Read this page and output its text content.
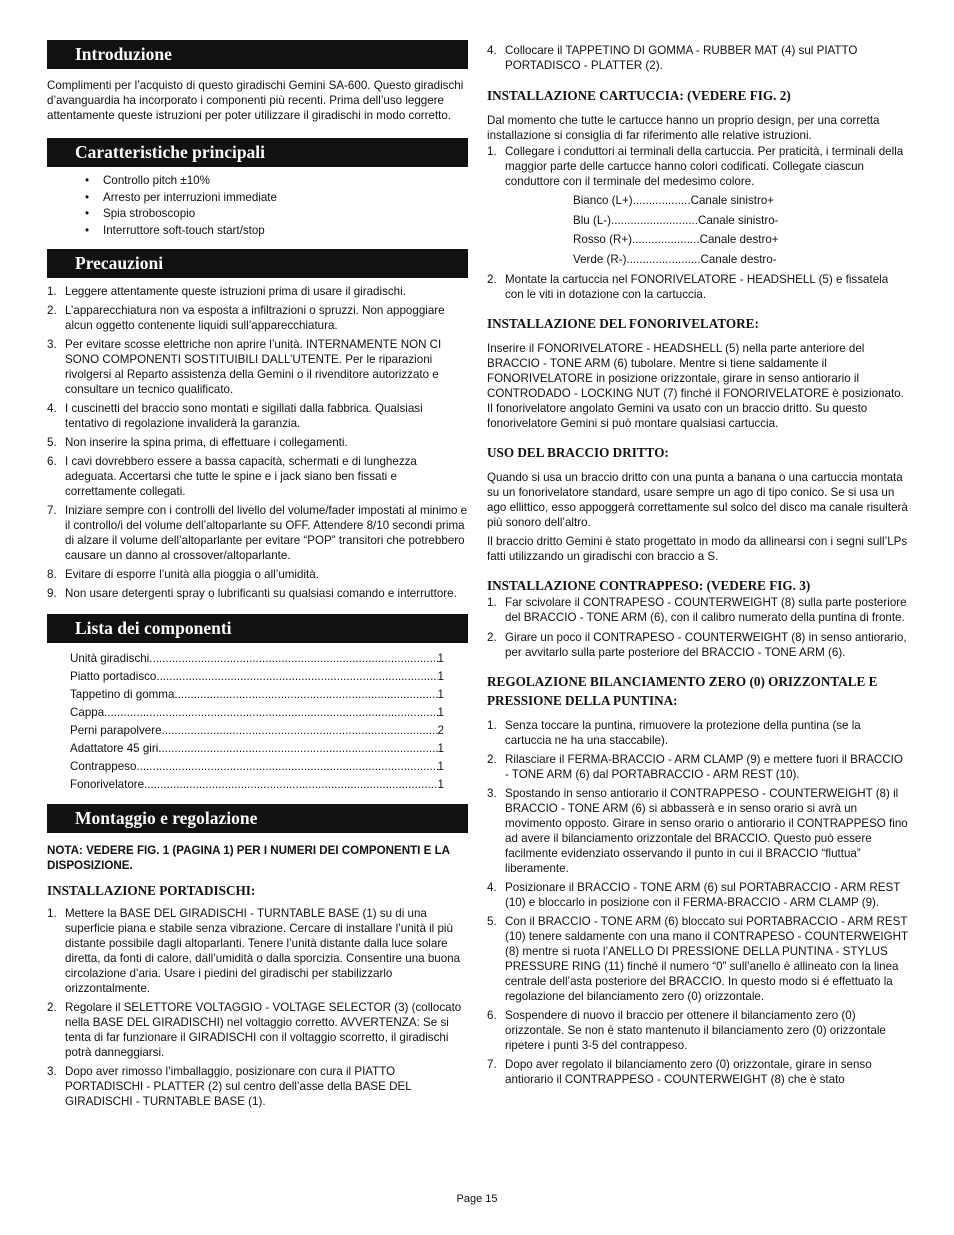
Introduzione

Complimenti per l’acquisto di questo giradischi Gemini SA-600. Questo giradischi d’avanguardia ha incorporato i componenti più recenti. Prima dell’uso leggere attentamente queste istruzioni per poter utilizzare il giradischi in modo corretto.

Caratteristiche principali
• Controllo pitch ±10%
• Arresto per interruzioni immediate
• Spia stroboscopio
• Interruttore soft-touch start/stop
Precauzioni
1. Leggere attentamente queste istruzioni prima di usare il giradischi.
2. L’apparecchiatura non va esposta a infiltrazioni o spruzzi. Non appoggiare alcun oggetto contenente liquidi sull’apparecchiatura.
3. Per evitare scosse elettriche non aprire l’unità. INTERNAMENTE NON CI SONO COMPONENTI SOSTITUIBILI DALL’UTENTE. Per le riparazioni rivolgersi al Reparto assistenza della Gemini o il rivenditore autorizzato e consultare un tecnico qualificato.
4. I cuscinetti del braccio sono montati e sigillati dalla fabbrica. Qualsiasi tentativo di regolazione invaliderà la garanzia.
5. Non inserire la spina prima, di effettuare i collegamenti.
6. I cavi dovrebbero essere a bassa capacità, schermati e di lunghezza adeguata. Accertarsi che tutte le spine e i jack siano ben fissati e correttamente collegati.
7. Iniziare sempre con i controlli del livello del volume/fader impostati al minimo e il controllo/i del volume dell’altoparlante su OFF. Attendere 8/10 secondi prima di alzare il volume dell’altoparlante per evitare “POP” transitori che potrebbero causare un danno al crossover/altoparlante.
8. Evitare di esporre l’unità alla pioggia o all’umidità.
9. Non usare detergenti spray o lubrificanti su qualsiasi comando e interruttore.
Lista dei componenti
Unità giradischi .....	1
Piatto portadisco .....	1
Tappetino di gomma .....	1
Cappa .....	1
Perni parapolvere .....	2
Adattatore 45 giri .....	1
Contrappeso .....	1
Fonorivelatore .....	1
Montaggio e regolazione

NOTA: VEDERE FIG. 1 (PAGINA 1) PER I NUMERI DEI COMPONENTI E LA DISPOSIZIONE.

INSTALLAZIONE PORTADISCHI:
1. Mettere la BASE DEL GIRADISCHI - TURNTABLE BASE (1) su di una superficie piana e stabile senza vibrazione. Cercare di installare l’unità il più distante possibile dagli altoparlanti. Tenere l’unità distante dalla luce solare diretta, da fonti di calore, dall’umidità o dalla sporcizia. Consentire una buona circolazione d’aria. Usare i piedini del giradischi per stabilizzarlo orizzontalmente.
2. Regolare il SELETTORE VOLTAGGIO - VOLTAGE SELECTOR (3) (collocato nella BASE DEL GIRADISCHI) nel voltaggio corretto. AVVERTENZA: Se si tenta di far funzionare il GIRADISCHI con il voltaggio scorretto, il giradischi potrà danneggiarsi.
3. Dopo aver rimosso l’imballaggio, posizionare con cura il PIATTO PORTADISCHI - PLATTER (2) sul centro dell’asse della BASE DEL GIRADISCHI - TURNTABLE BASE (1).
4. Collocare il TAPPETINO DI GOMMA - RUBBER MAT (4) sul PIATTO PORTADISCO - PLATTER (2).
INSTALLAZIONE CARTUCCIA: (VEDERE FIG. 2)

Dal momento che tutte le cartucce hanno un proprio design, per una corretta installazione si consiglia di far riferimento alle relative istruzioni.

1. Collegare i conduttori ai terminali della cartuccia. Per praticità, i terminali della maggior parte delle cartucce hanno colori codificati. Collegate ciascun conduttore con il terminale del medesimo colore.
Bianco (L+)..................Canale sinistro+
Blu (L-)...........................Canale sinistro-
Rosso (R+).....................Canale destro+
Verde (R-).......................Canale destro-
2. Montate la cartuccia nel FONORIVELATORE - HEADSHELL (5) e fissatela con le viti in dotazione con la cartuccia.
INSTALLAZIONE DEL FONORIVELATORE:

Inserire il FONORIVELATORE - HEADSHELL (5) nella parte anteriore del BRACCIO - TONE ARM (6) tubolare. Mentre si tiene saldamente il FONORIVELATORE in posizione orizzontale, girare in senso antiorario il CONTRODADO - LOCKING NUT (7) finché il FONORIVELATORE è posizionato. Il fonorivelatore angolato Gemini va usato con un braccio dritto. Su questo fonorivelatore Gemini si può montare qualsiasi cartuccia.

USO DEL BRACCIO DRITTO:

Quando si usa un braccio dritto con una punta a banana o una cartuccia montata su un fonorivelatore standard, usare sempre un ago di tipo conico. Se si usa un ago ellittico, esso appoggerà correttamente sul solco del disco ma canale risulterà più sonoro dell’altro.

Il braccio dritto Gemini è stato progettato in modo da allinearsi con i segni sull’LPs fatti utilizzando un giradischi con braccio a S.

INSTALLAZIONE CONTRAPPESO: (VEDERE FIG. 3)
1. Far scivolare il CONTRAPESO - COUNTERWEIGHT (8) sulla parte posteriore del BRACCIO - TONE ARM (6), con il calibro numerato della puntina di fronte.
2. Girare un poco il CONTRAPESO - COUNTERWEIGHT (8) in senso antiorario, per avvitarlo sulla parte posteriore del BRACCIO - TONE ARM (6).
REGOLAZIONE BILANCIAMENTO ZERO (0) ORIZZONTALE E PRESSIONE DELLA PUNTINA:
1. Senza toccare la puntina, rimuovere la protezione della puntina (se la cartuccia ne ha una staccabile).
2. Rilasciare il FERMA-BRACCIO - ARM CLAMP (9) e mettere fuori il BRACCIO - TONE ARM (6) dal PORTABRACCIO - ARM REST (10).
3. Spostando in senso antiorario il CONTRAPPESO - COUNTERWEIGHT (8) il BRACCIO - TONE ARM (6) si abbasserà e in senso orario si avrà un movimento opposto. Girare in senso orario o antiorario il CONTRAPPESO fino ad avere il bilanciamento orizzontale del BRACCIO. Questo può essere facilmente evidenziato osservando il punto in cui il BRACCIO “fluttua” liberamente.
4. Posizionare il BRACCIO - TONE ARM (6) sul PORTABRACCIO - ARM REST (10) e bloccarlo in posizione con il FERMA-BRACCIO - ARM CLAMP (9).
5. Con il BRACCIO - TONE ARM (6) bloccato sui PORTABRACCIO - ARM REST (10) tenere saldamente con una mano il CONTRAPESO - COUNTERWEIGHT (8) mentre si ruota l’ANELLO DI PRESSIONE DELLA PUNTINA - STYLUS PRESSURE RING (11) finché il numero “0” sull’anello è allineato con la linea centrale dell’asta posteriore del BRACCIO. In questo modo si é effettuato la regolazione del bilanciamento zero (0) orizzontale.
6. Sospendere di nuovo il braccio per ottenere il bilanciamento zero (0) orizzontale. Se non è stato mantenuto il bilanciamento zero (0) orizzontale ripetere i punti 3-5 del contrappeso.
7. Dopo aver regolato il bilanciamento zero (0) orizzontale, girare in senso antiorario il CONTRAPPESO - COUNTERWEIGHT (8) che è stato
Page 15
